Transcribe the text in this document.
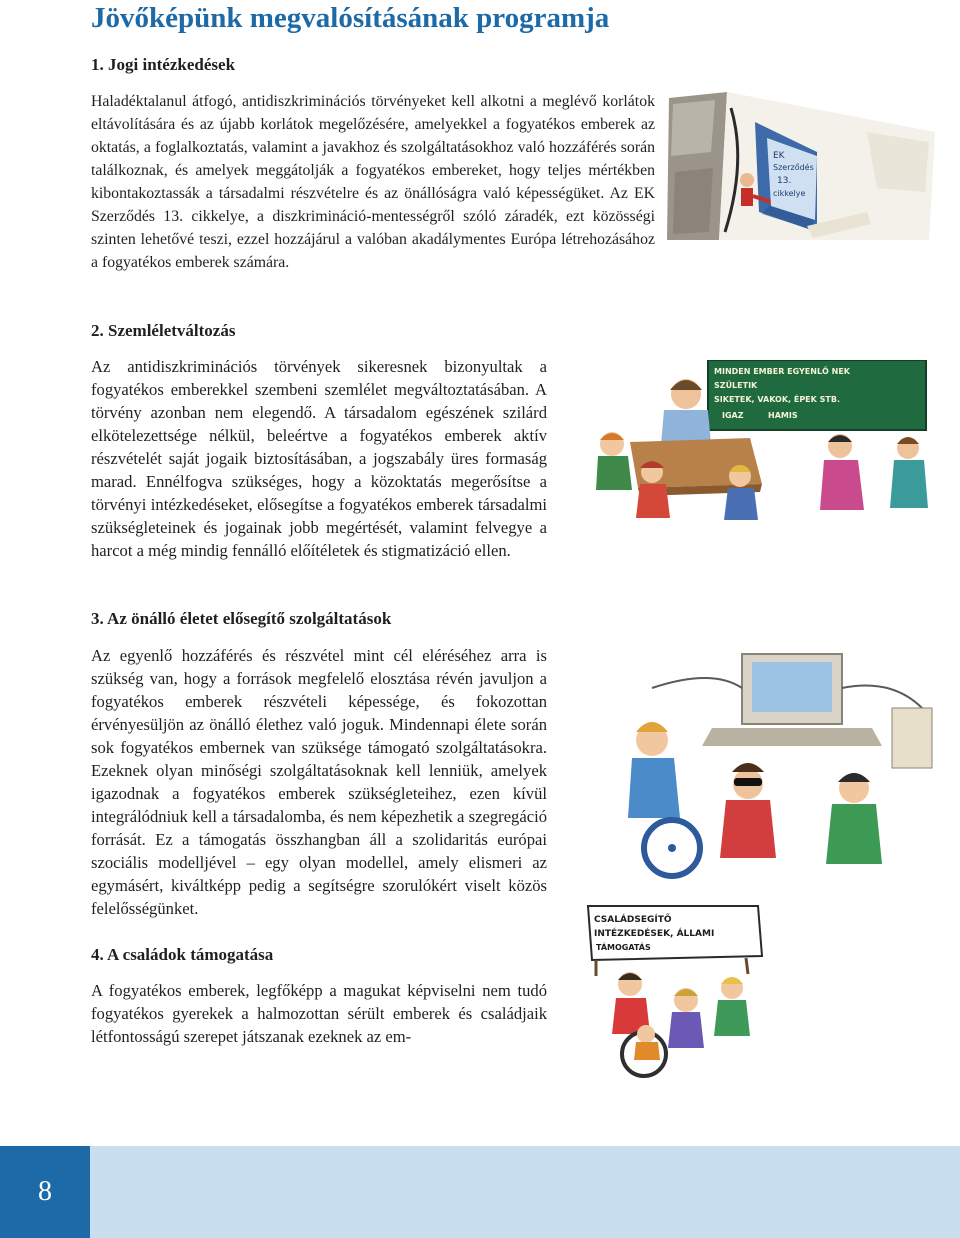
Jövőképünk megvalósításának programja
1. Jogi intézkedések

Haladéktalanul átfogó, antidiszkriminációs törvényeket kell alkotni a meglévő korlátok eltávolítására és az újabb korlátok megelőzésére, amelyekkel a fogyatékos emberek az oktatás, a foglalkoztatás, valamint a javakhoz és szolgáltatásokhoz való hozzáférés során találkoznak, és amelyek meggátolják a fogyatékos embereket, hogy teljes mértékben kibontakoztassák a társadalmi részvételre és az önállóságra való képességüket. Az EK Szerződés 13. cikkelye, a diszkrimináció-mentességről szóló záradék, ezt közösségi szinten lehetővé teszi, ezzel hozzájárul a valóban akadálymentes Európa létrehozásához a fogyatékos emberek számára.

EK
Szerződés
13.
cikkelye
2. Szemléletváltozás

Az antidiszkriminációs törvények sikeresnek bizonyultak a fogyatékos emberekkel szembeni szemlélet megváltoztatásában. A törvény azonban nem elegendő. A társadalom egészének szilárd elkötelezettsége nélkül, beleértve a fogyatékos emberek aktív részvételét saját jogaik biztosításában, a jogszabály üres formaság marad. Ennélfogva szükséges, hogy a közoktatás megerősítse a törvényi intézkedéseket, elősegítse a fogyatékos emberek társadalmi szükségleteinek és jogainak jobb megértését, valamint felvegye a harcot a még mindig fennálló előítéletek és stigmatizáció ellen.

MINDEN EMBER EGYENLŐ NEK
SZÜLETIK
SIKETEK, VAKOK, ÉPEK STB.
IGAZ	HAMIS
3. Az önálló életet elősegítő szolgáltatások

Az egyenlő hozzáférés és részvétel mint cél eléréséhez arra is szükség van, hogy a források megfelelő elosztása révén javuljon a fogyatékos emberek részvételi képessége, és fokozottan érvényesüljön az önálló élethez való joguk. Mindennapi élete során sok fogyatékos embernek van szüksége támogató szolgáltatásokra. Ezeknek olyan minőségi szolgáltatásoknak kell lenniük, amelyek igazodnak a fogyatékos emberek szükségleteihez, ezen kívül integrálódniuk kell a társadalomba, és nem képezhetik a szegregáció forrását. Ez a támogatás összhangban áll a szolidaritás európai szociális modelljével – egy olyan modellel, amely elismeri az egymásért, kiváltképp pedig a segítségre szorulókért viselt közös felelősségünket.

4. A családok támogatása

A fogyatékos emberek, legfőképp a magukat képviselni nem tudó fogyatékos gyerekek a halmozottan sérült emberek és családjaik létfontosságú szerepet játszanak ezeknek az em-

CSALÁDSEGÍTŐ
INTÉZKEDÉSEK, ÁLLAMI
TÁMOGATÁS
8
